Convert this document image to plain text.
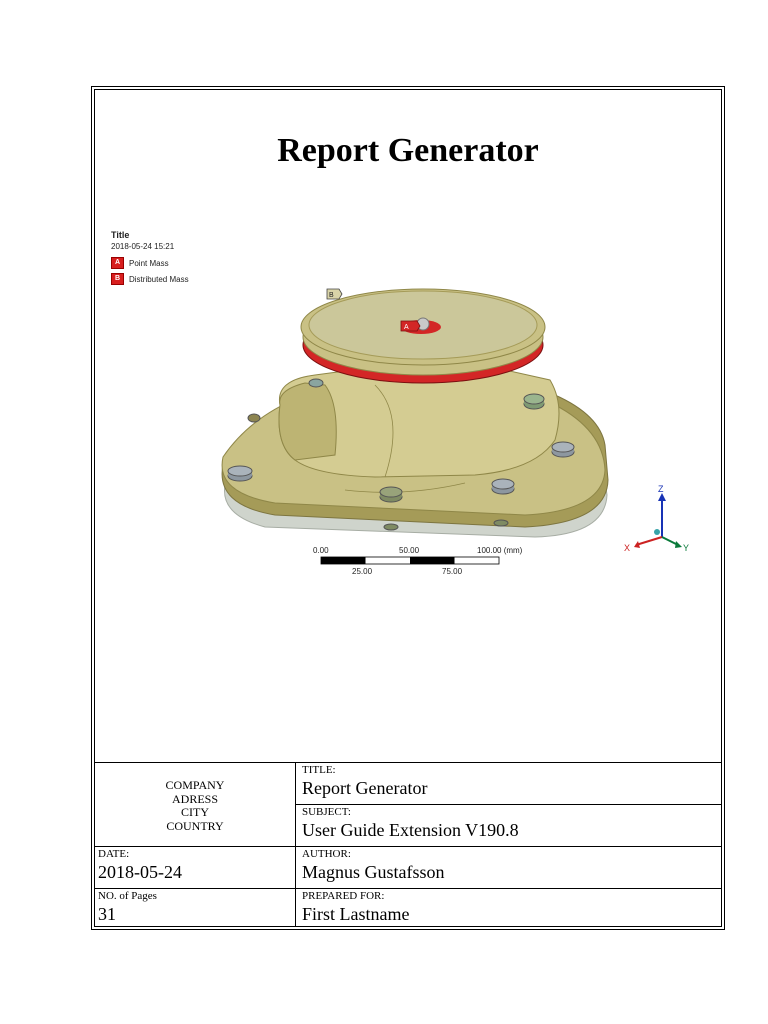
Report Generator
Title
2018-05-24 15:21
A	Point Mass
B	Distributed Mass
A
B
Z
X	Y
0.00	50.00	100.00 (mm)
25.00	75.00
COMPANY
ADRESS
CITY
COUNTRY
TITLE:
Report Generator
SUBJECT:
User Guide Extension V190.8
DATE:
2018-05-24
AUTHOR:
Magnus Gustafsson
NO. of Pages
31
PREPARED FOR:
First Lastname
